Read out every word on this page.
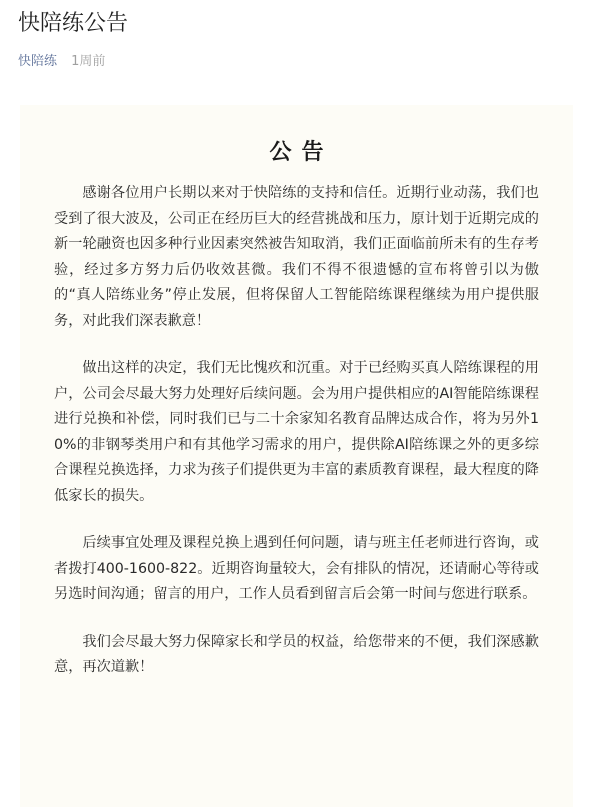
快陪练公告
快陪练 1周前
公告

感谢各位用户长期以来对于快陪练的支持和信任。近期行业动荡，我们也受到了很大波及，公司正在经历巨大的经营挑战和压力，原计划于近期完成的新一轮融资也因多种行业因素突然被告知取消，我们正面临前所未有的生存考验，经过多方努力后仍收效甚微。我们不得不很遗憾的宣布将曾引以为傲的“真人陪练业务”停止发展，但将保留人工智能陪练课程继续为用户提供服务，对此我们深表歉意！

做出这样的决定，我们无比愧疚和沉重。对于已经购买真人陪练课程的用户，公司会尽最大努力处理好后续问题。会为用户提供相应的AI智能陪练课程进行兑换和补偿，同时我们已与二十余家知名教育品牌达成合作，将为另外10%的非钢琴类用户和有其他学习需求的用户，提供除AI陪练课之外的更多综合课程兑换选择，力求为孩子们提供更为丰富的素质教育课程，最大程度的降低家长的损失。

后续事宜处理及课程兑换上遇到任何问题，请与班主任老师进行咨询，或者拨打400-1600-822。近期咨询量较大，会有排队的情况，还请耐心等待或另选时间沟通；留言的用户，工作人员看到留言后会第一时间与您进行联系。

我们会尽最大努力保障家长和学员的权益，给您带来的不便，我们深感歉意，再次道歉！
